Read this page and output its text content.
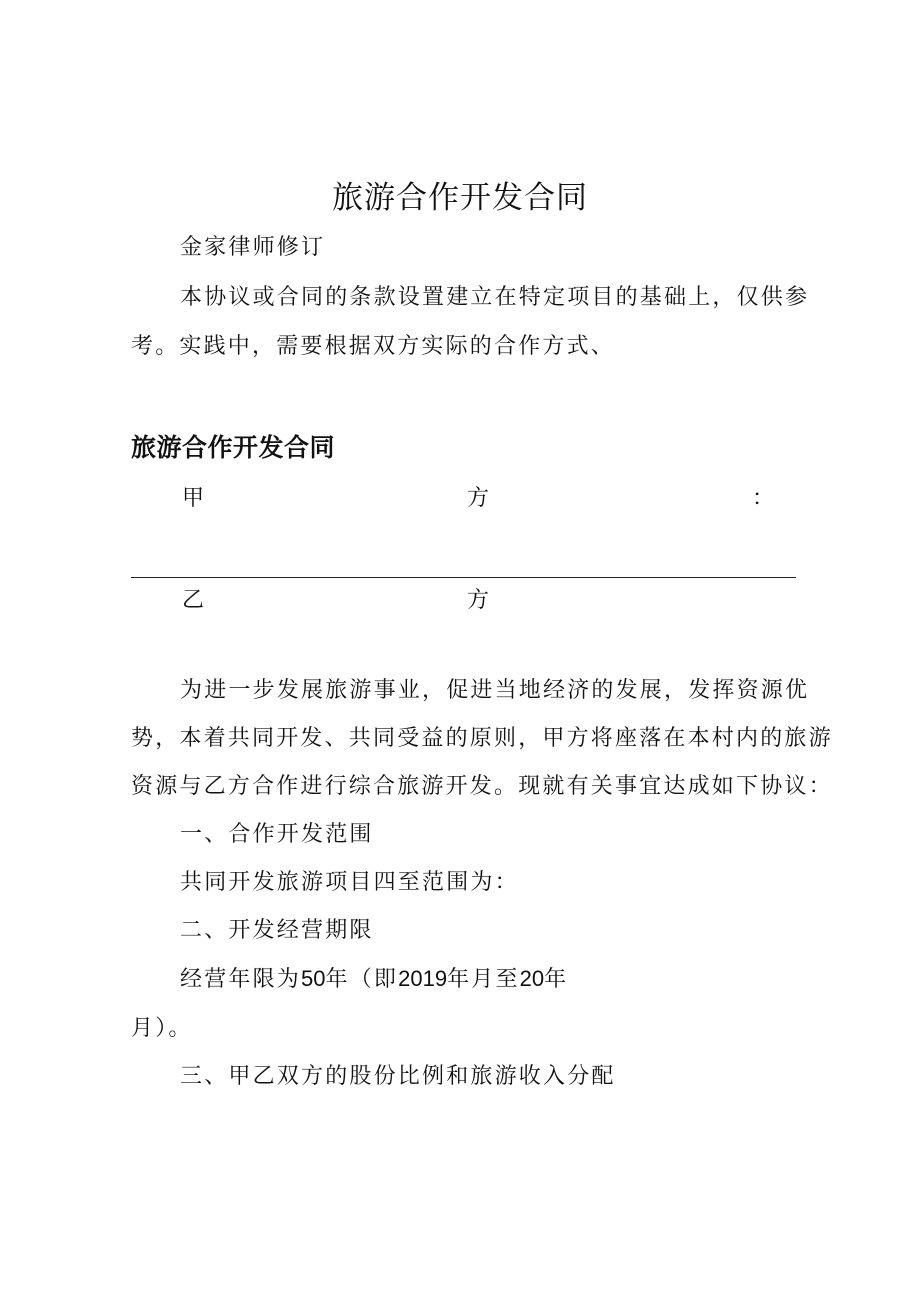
旅游合作开发合同
金家律师修订
本协议或合同的条款设置建立在特定项目的基础上，仅供参
考。实践中，需要根据双方实际的合作方式、
旅游合作开发合同
甲	方	：
乙	方
为进一步发展旅游事业，促进当地经济的发展，发挥资源优
势，本着共同开发、共同受益的原则，甲方将座落在本村内的旅游
资源与乙方合作进行综合旅游开发。现就有关事宜达成如下协议：
一、合作开发范围
共同开发旅游项目四至范围为：
二、开发经营期限
经营年限为50年（即2019年月至20年
月）。
三、甲乙双方的股份比例和旅游收入分配
